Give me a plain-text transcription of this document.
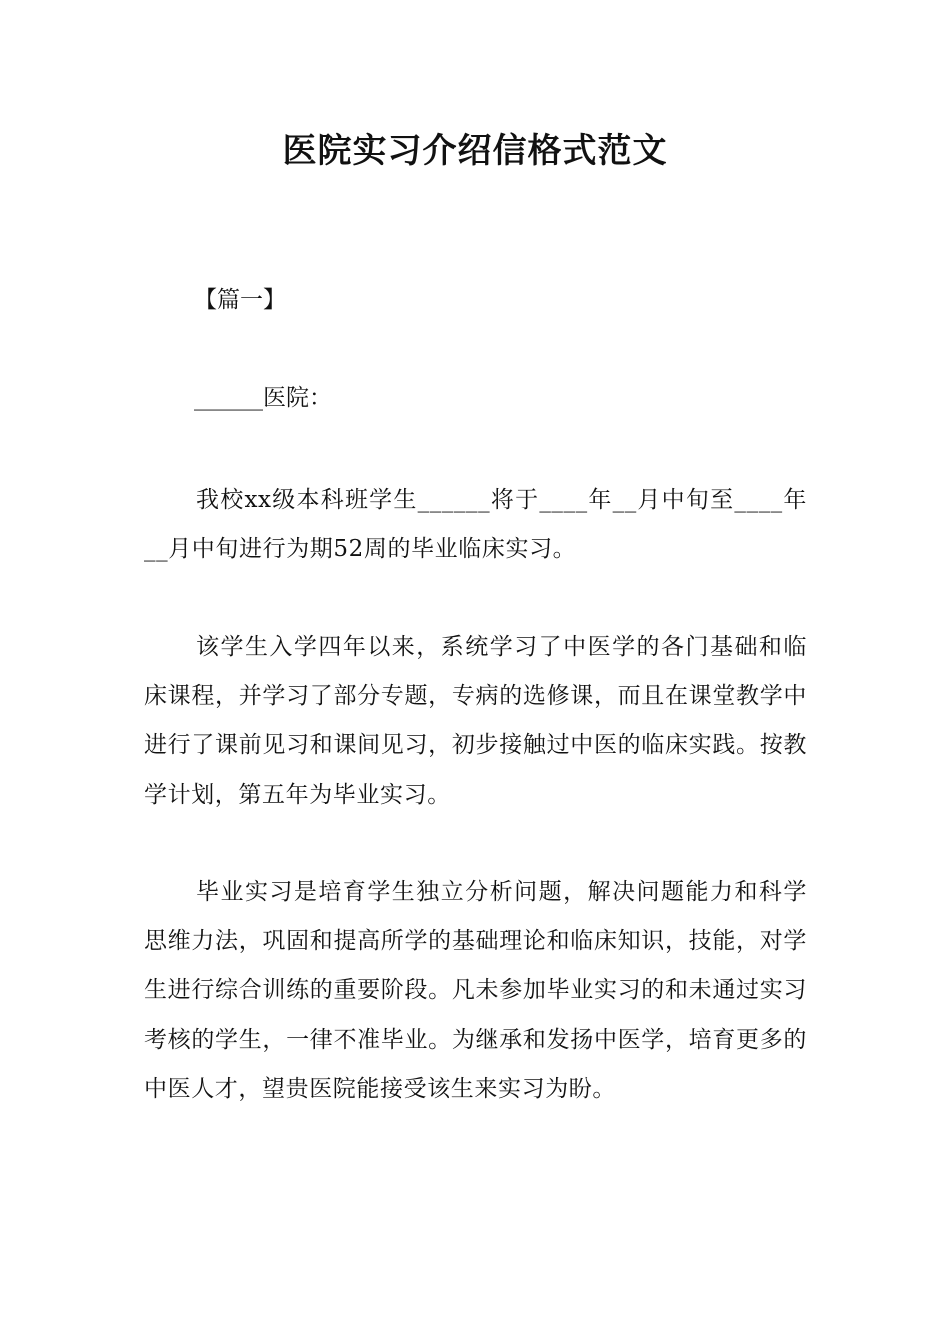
医院实习介绍信格式范文
【篇一】
______医院：

我校xx级本科班学生______将于____年__月中旬至____年__月中旬进行为期52周的毕业临床实习。

该学生入学四年以来，系统学习了中医学的各门基础和临床课程，并学习了部分专题，专病的选修课，而且在课堂教学中进行了课前见习和课间见习，初步接触过中医的临床实践。按教学计划，第五年为毕业实习。

毕业实习是培育学生独立分析问题，解决问题能力和科学思维力法，巩固和提高所学的基础理论和临床知识，技能，对学生进行综合训练的重要阶段。凡未参加毕业实习的和未通过实习考核的学生，一律不准毕业。为继承和发扬中医学，培育更多的中医人才，望贵医院能接受该生来实习为盼。
